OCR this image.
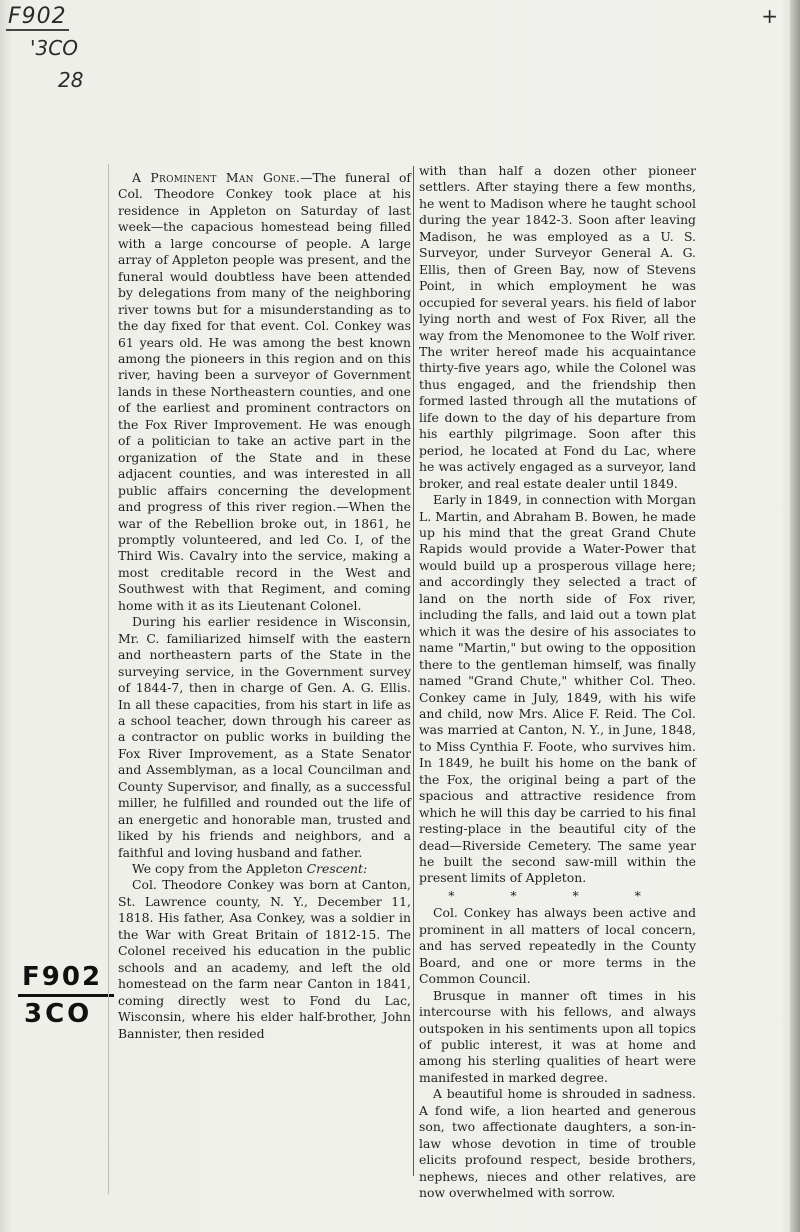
F902
'3CO
28
+
F902
3CO

A Prominent Man Gone.—The funeral of Col. Theodore Conkey took place at his residence in Appleton on Saturday of last week—the capacious homestead being filled with a large concourse of people. A large array of Appleton people was present, and the funeral would doubtless have been attended by delegations from many of the neighboring river towns but for a misunderstanding as to the day fixed for that event. Col. Conkey was 61 years old. He was among the best known among the pioneers in this region and on this river, having been a surveyor of Government lands in these Northeastern counties, and one of the earliest and prominent contractors on the Fox River Improvement. He was enough of a politician to take an active part in the organization of the State and in these adjacent counties, and was interested in all public affairs concerning the development and progress of this river region.—When the war of the Rebellion broke out, in 1861, he promptly volunteered, and led Co. I, of the Third Wis. Cavalry into the service, making a most creditable record in the West and Southwest with that Regiment, and coming home with it as its Lieutenant Colonel.

During his earlier residence in Wisconsin, Mr. C. familiarized himself with the eastern and northeastern parts of the State in the surveying service, in the Government survey of 1844-7, then in charge of Gen. A. G. Ellis. In all these capacities, from his start in life as a school teacher, down through his career as a contractor on public works in building the Fox River Improvement, as a State Senator and Assemblyman, as a local Councilman and County Supervisor, and finally, as a successful miller, he fulfilled and rounded out the life of an energetic and honorable man, trusted and liked by his friends and neighbors, and a faithful and loving husband and father.

We copy from the Appleton Crescent:

Col. Theodore Conkey was born at Canton, St. Lawrence county, N. Y., December 11, 1818. His father, Asa Conkey, was a soldier in the War with Great Britain of 1812-15. The Colonel received his education in the public schools and an academy, and left the old homestead on the farm near Canton in 1841, coming directly west to Fond du Lac, Wisconsin, where his elder half-brother, John Bannister, then resided

with than half a dozen other pioneer settlers. After staying there a few months, he went to Madison where he taught school during the year 1842-3. Soon after leaving Madison, he was employed as a U. S. Surveyor, under Surveyor General A. G. Ellis, then of Green Bay, now of Stevens Point, in which employment he was occupied for several years. his field of labor lying north and west of Fox River, all the way from the Menomonee to the Wolf river. The writer hereof made his acquaintance thirty-five years ago, while the Colonel was thus engaged, and the friendship then formed lasted through all the mutations of life down to the day of his departure from his earthly pilgrimage. Soon after this period, he located at Fond du Lac, where he was actively engaged as a surveyor, land broker, and real estate dealer until 1849.

Early in 1849, in connection with Morgan L. Martin, and Abraham B. Bowen, he made up his mind that the great Grand Chute Rapids would provide a Water-Power that would build up a prosperous village here; and accordingly they selected a tract of land on the north side of Fox river, including the falls, and laid out a town plat which it was the desire of his associates to name "Martin," but owing to the opposition there to the gentleman himself, was finally named "Grand Chute," whither Col. Theo. Conkey came in July, 1849, with his wife and child, now Mrs. Alice F. Reid. The Col. was married at Canton, N. Y., in June, 1848, to Miss Cynthia F. Foote, who survives him. In 1849, he built his home on the bank of the Fox, the original being a part of the spacious and attractive residence from which he will this day be carried to his final resting-place in the beautiful city of the dead—Riverside Cemetery. The same year he built the second saw-mill within the present limits of Appleton.

* * * *

Col. Conkey has always been active and prominent in all matters of local concern, and has served repeatedly in the County Board, and one or more terms in the Common Council.

Brusque in manner oft times in his intercourse with his fellows, and always outspoken in his sentiments upon all topics of public interest, it was at home and among his sterling qualities of heart were manifested in marked degree.

A beautiful home is shrouded in sadness. A fond wife, a lion hearted and generous son, two affectionate daughters, a son-in-law whose devotion in time of trouble elicits profound respect, beside brothers, nephews, nieces and other relatives, are now overwhelmed with sorrow.
